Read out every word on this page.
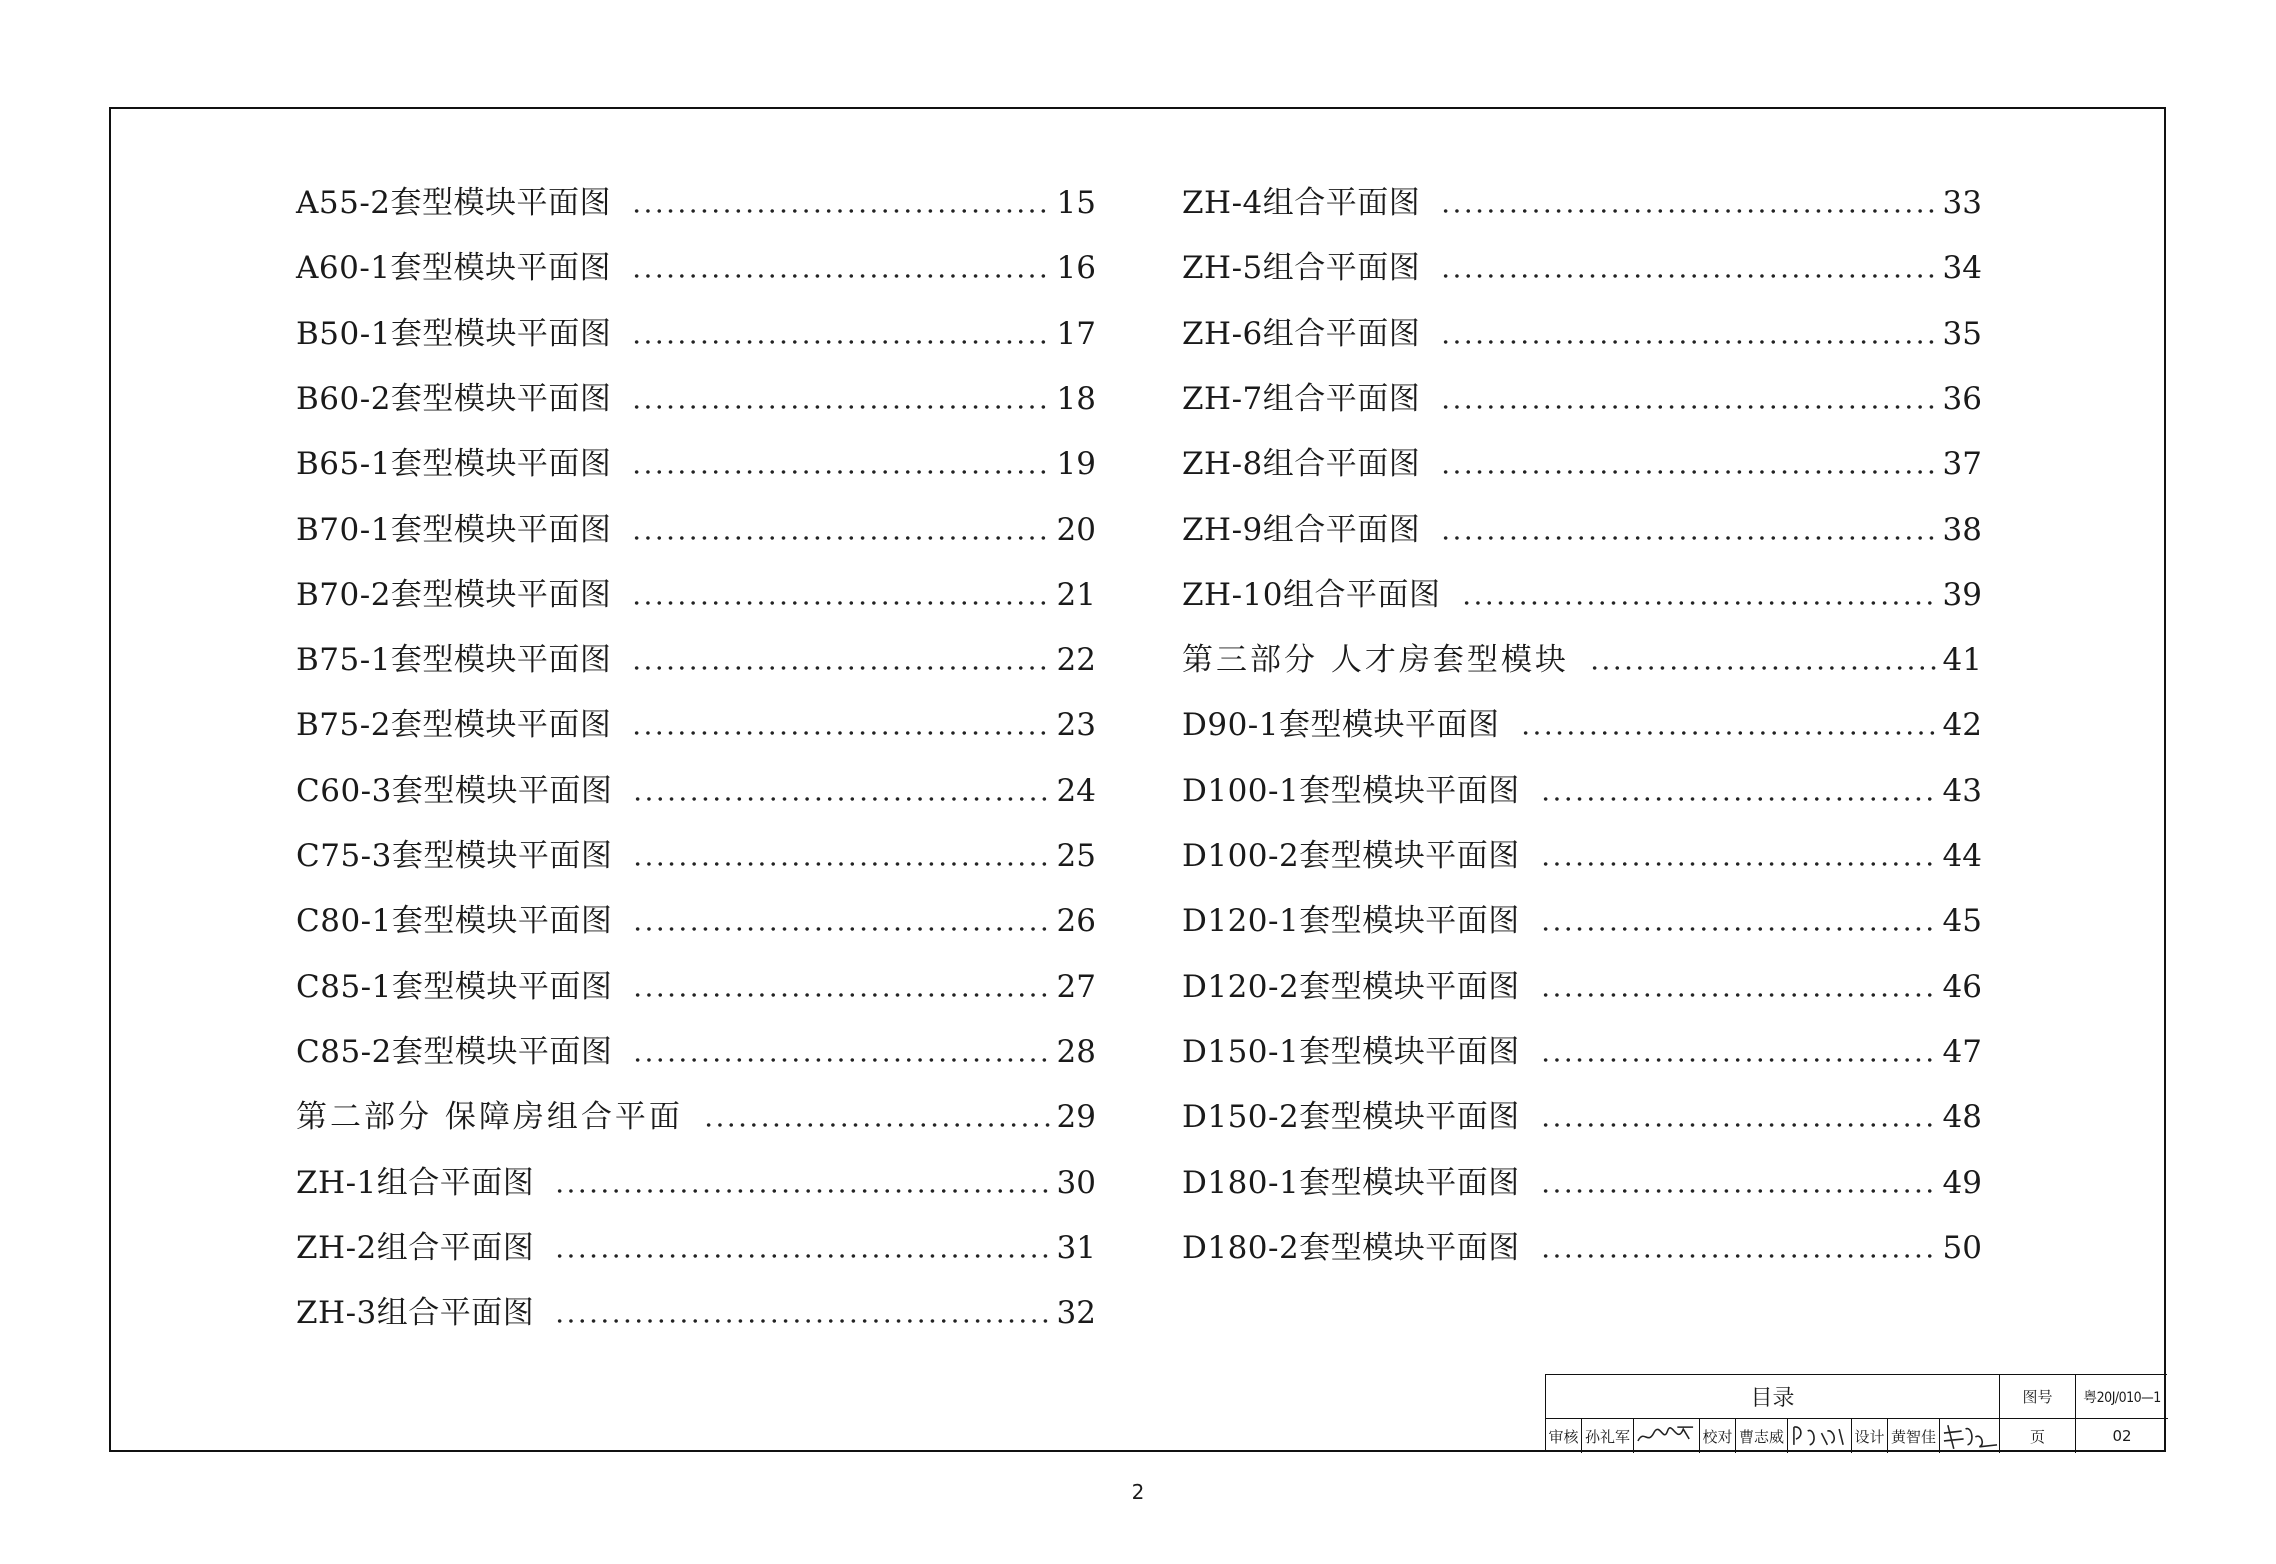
A55-2套型模块平面图	15
A60-1套型模块平面图	16
B50-1套型模块平面图	17
B60-2套型模块平面图	18
B65-1套型模块平面图	19
B70-1套型模块平面图	20
B70-2套型模块平面图	21
B75-1套型模块平面图	22
B75-2套型模块平面图	23
C60-3套型模块平面图	24
C75-3套型模块平面图	25
C80-1套型模块平面图	26
C85-1套型模块平面图	27
C85-2套型模块平面图	28
第二部分 保障房组合平面	29
ZH-1组合平面图	30
ZH-2组合平面图	31
ZH-3组合平面图	32
ZH-4组合平面图	33
ZH-5组合平面图	34
ZH-6组合平面图	35
ZH-7组合平面图	36
ZH-8组合平面图	37
ZH-9组合平面图	38
ZH-10组合平面图	39
第三部分 人才房套型模块	41
D90-1套型模块平面图	42
D100-1套型模块平面图	43
D100-2套型模块平面图	44
D120-1套型模块平面图	45
D120-2套型模块平面图	46
D150-1套型模块平面图	47
D150-2套型模块平面图	48
D180-1套型模块平面图	49
D180-2套型模块平面图	50
目录	图号	粤20J/010—1
页	02
审核 孙礼军	校对 曹志威	设计 黄智佳
2
